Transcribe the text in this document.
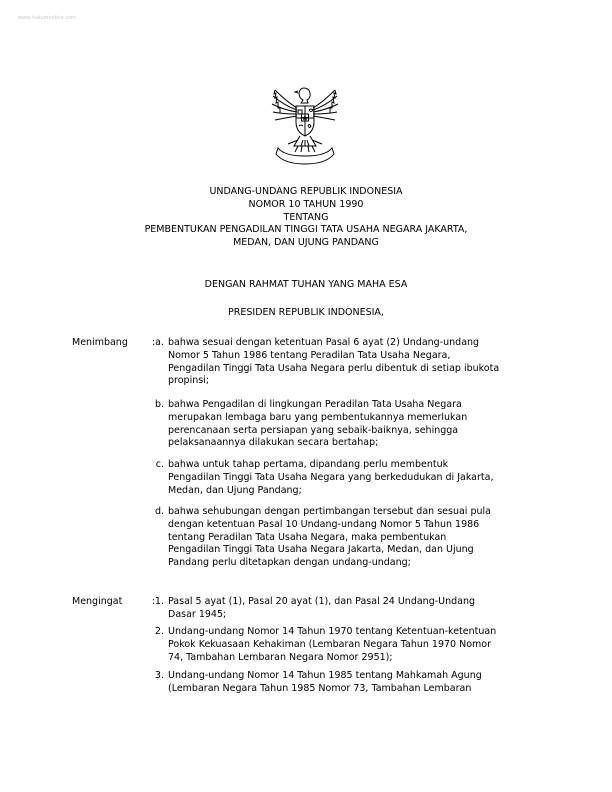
www.hukumonline.com
UNDANG-UNDANG REPUBLIK INDONESIA
NOMOR 10 TAHUN 1990
TENTANG
PEMBENTUKAN PENGADILAN TINGGI TATA USAHA NEGARA JAKARTA,
MEDAN, DAN UJUNG PANDANG
DENGAN RAHMAT TUHAN YANG MAHA ESA
PRESIDEN REPUBLIK INDONESIA,
Menimbang	: a. bahwa sesuai dengan ketentuan Pasal 6 ayat (2) Undang-undang
Nomor 5 Tahun 1986 tentang Peradilan Tata Usaha Negara,
Pengadilan Tinggi Tata Usaha Negara perlu dibentuk di setiap ibukota
propinsi;
b. bahwa Pengadilan di lingkungan Peradilan Tata Usaha Negara
merupakan lembaga baru yang pembentukannya memerlukan
perencanaan serta persiapan yang sebaik-baiknya, sehingga
pelaksanaannya dilakukan secara bertahap;
c. bahwa untuk tahap pertama, dipandang perlu membentuk
Pengadilan Tinggi Tata Usaha Negara yang berkedudukan di Jakarta,
Medan, dan Ujung Pandang;
d. bahwa sehubungan dengan pertimbangan tersebut dan sesuai pula
dengan ketentuan Pasal 10 Undang-undang Nomor 5 Tahun 1986
tentang Peradilan Tata Usaha Negara, maka pembentukan
Pengadilan Tinggi Tata Usaha Negara Jakarta, Medan, dan Ujung
Pandang perlu ditetapkan dengan undang-undang;
Mengingat	: 1. Pasal 5 ayat (1), Pasal 20 ayat (1), dan Pasal 24 Undang-Undang
Dasar 1945;
2. Undang-undang Nomor 14 Tahun 1970 tentang Ketentuan-ketentuan
Pokok Kekuasaan Kehakiman (Lembaran Negara Tahun 1970 Nomor
74, Tambahan Lembaran Negara Nomor 2951);
3. Undang-undang Nomor 14 Tahun 1985 tentang Mahkamah Agung
(Lembaran Negara Tahun 1985 Nomor 73, Tambahan Lembaran
